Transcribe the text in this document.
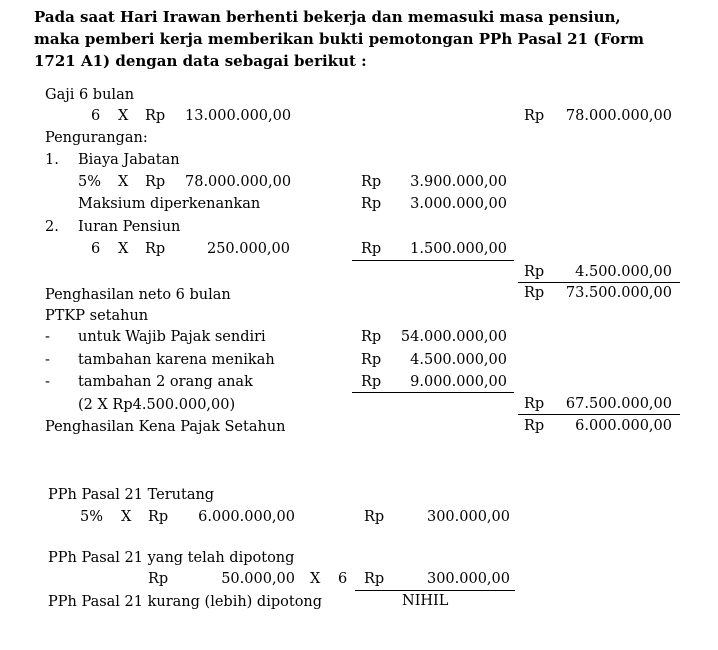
Pada saat Hari Irawan berhenti bekerja dan memasuki masa pensiun,
maka pemberi kerja memberikan bukti pemotongan PPh Pasal 21 (Form
1721 A1) dengan data sebagai berikut :
Gaji 6 bulan
6 X Rp 13.000.000,00	Rp	78.000.000,00
Pengurangan:
1. Biaya Jabatan
5% X Rp 78.000.000,00	Rp	3.900.000,00
Maksium diperkenankan	Rp	3.000.000,00
2. Iuran Pensiun
6 X Rp	250.000,00	Rp	1.500.000,00
Rp	4.500.000,00
Penghasilan neto 6 bulan	Rp	73.500.000,00
PTKP setahun
- untuk Wajib Pajak sendiri	Rp	54.000.000,00
- tambahan karena menikah	Rp	4.500.000,00
- tambahan 2 orang anak	Rp	9.000.000,00
(2 X Rp4.500.000,00)	Rp	67.500.000,00
Penghasilan Kena Pajak Setahun	Rp	6.000.000,00
PPh Pasal 21 Terutang
5% X Rp	6.000.000,00	Rp	300.000,00
PPh Pasal 21 yang telah dipotong
Rp	50.000,00 X 6 Rp	300.000,00
PPh Pasal 21 kurang (lebih) dipotong	NIHIL
